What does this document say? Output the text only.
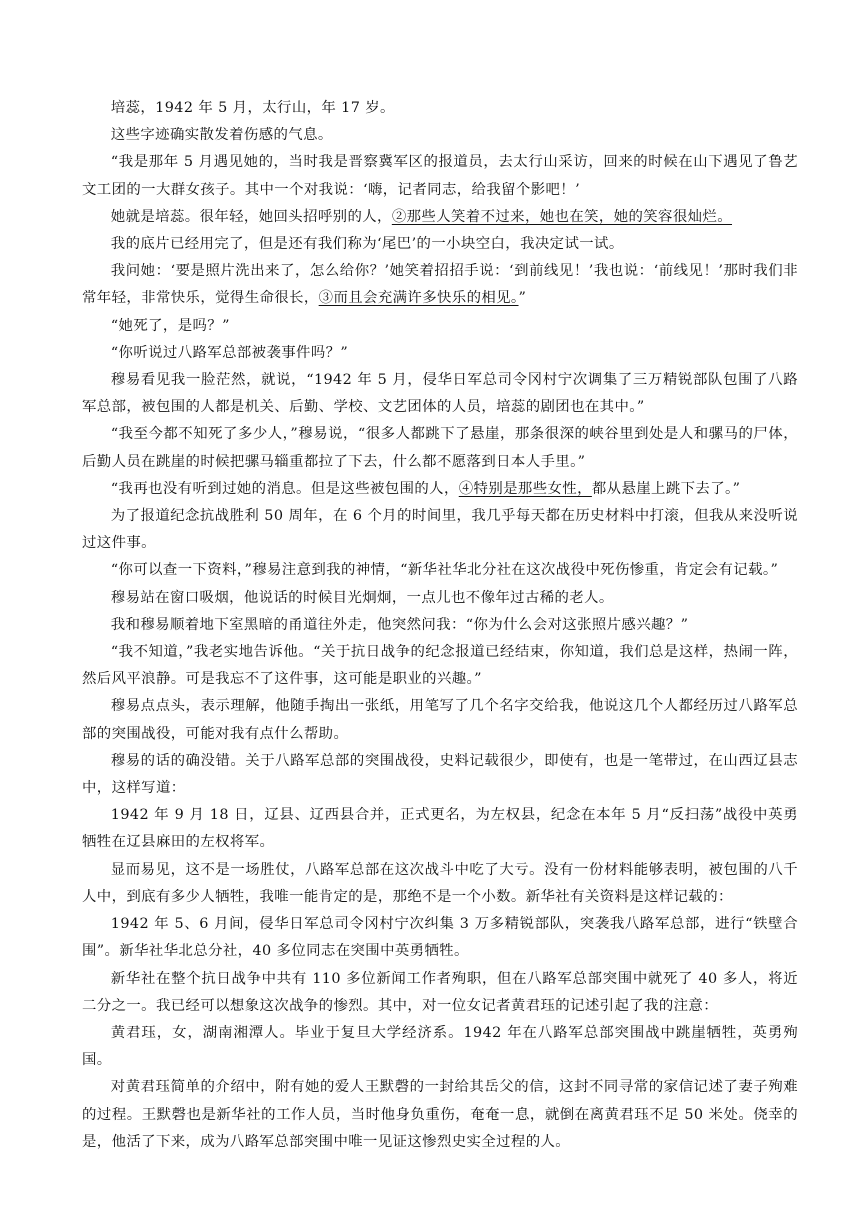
培蕊，1942 年 5 月，太行山，年 17 岁。

这些字迹确实散发着伤感的气息。

“我是那年 5 月遇见她的，当时我是晋察冀军区的报道员，去太行山采访，回来的时候在山下遇见了鲁艺文工团的一大群女孩子。其中一个对我说：‘嗨，记者同志，给我留个影吧！’

她就是培蕊。很年轻，她回头招呼别的人，②那些人笑着不过来，她也在笑，她的笑容很灿烂。

我的底片已经用完了，但是还有我们称为‘尾巴’的一小块空白，我决定试一试。

我问她：‘要是照片洗出来了，怎么给你？’她笑着招招手说：‘到前线见！’我也说：‘前线见！’那时我们非常年轻，非常快乐，觉得生命很长，③而且会充满许多快乐的相见。”

“她死了，是吗？”

“你听说过八路军总部被袭事件吗？”

穆易看见我一脸茫然，就说，“1942 年 5 月，侵华日军总司令冈村宁次调集了三万精锐部队包围了八路军总部，被包围的人都是机关、后勤、学校、文艺团体的人员，培蕊的剧团也在其中。”

“我至今都不知死了多少人，”穆易说，“很多人都跳下了悬崖，那条很深的峡谷里到处是人和骡马的尸体，后勤人员在跳崖的时候把骡马辎重都拉了下去，什么都不愿落到日本人手里。”

“我再也没有听到过她的消息。但是这些被包围的人，④特别是那些女性，都从悬崖上跳下去了。”

为了报道纪念抗战胜利 50 周年，在 6 个月的时间里，我几乎每天都在历史材料中打滚，但我从来没听说过这件事。

“你可以查一下资料，”穆易注意到我的神情，“新华社华北分社在这次战役中死伤惨重，肯定会有记载。”

穆易站在窗口吸烟，他说话的时候目光炯炯，一点儿也不像年过古稀的老人。

我和穆易顺着地下室黑暗的甬道往外走，他突然问我：“你为什么会对这张照片感兴趣？”

“我不知道，”我老实地告诉他。“关于抗日战争的纪念报道已经结束，你知道，我们总是这样，热闹一阵，然后风平浪静。可是我忘不了这件事，这可能是职业的兴趣。”

穆易点点头，表示理解，他随手掏出一张纸，用笔写了几个名字交给我，他说这几个人都经历过八路军总部的突围战役，可能对我有点什么帮助。

穆易的话的确没错。关于八路军总部的突围战役，史料记载很少，即使有，也是一笔带过，在山西辽县志中，这样写道：

1942 年 9 月 18 日，辽县、辽西县合并，正式更名，为左权县，纪念在本年 5 月“反扫荡”战役中英勇牺牲在辽县麻田的左权将军。

显而易见，这不是一场胜仗，八路军总部在这次战斗中吃了大亏。没有一份材料能够表明，被包围的八千人中，到底有多少人牺牲，我唯一能肯定的是，那绝不是一个小数。新华社有关资料是这样记载的：

1942 年 5、6 月间，侵华日军总司令冈村宁次纠集 3 万多精锐部队，突袭我八路军总部，进行“铁壁合围”。新华社华北总分社，40 多位同志在突围中英勇牺牲。

新华社在整个抗日战争中共有 110 多位新闻工作者殉职，但在八路军总部突围中就死了 40 多人，将近二分之一。我已经可以想象这次战争的惨烈。其中，对一位女记者黄君珏的记述引起了我的注意：

黄君珏，女，湖南湘潭人。毕业于复旦大学经济系。1942 年在八路军总部突围战中跳崖牺牲，英勇殉国。

对黄君珏简单的介绍中，附有她的爱人王默磬的一封给其岳父的信，这封不同寻常的家信记述了妻子殉难的过程。王默磬也是新华社的工作人员，当时他身负重伤，奄奄一息，就倒在离黄君珏不足 50 米处。侥幸的是，他活了下来，成为八路军总部突围中唯一见证这惨烈史实全过程的人。
